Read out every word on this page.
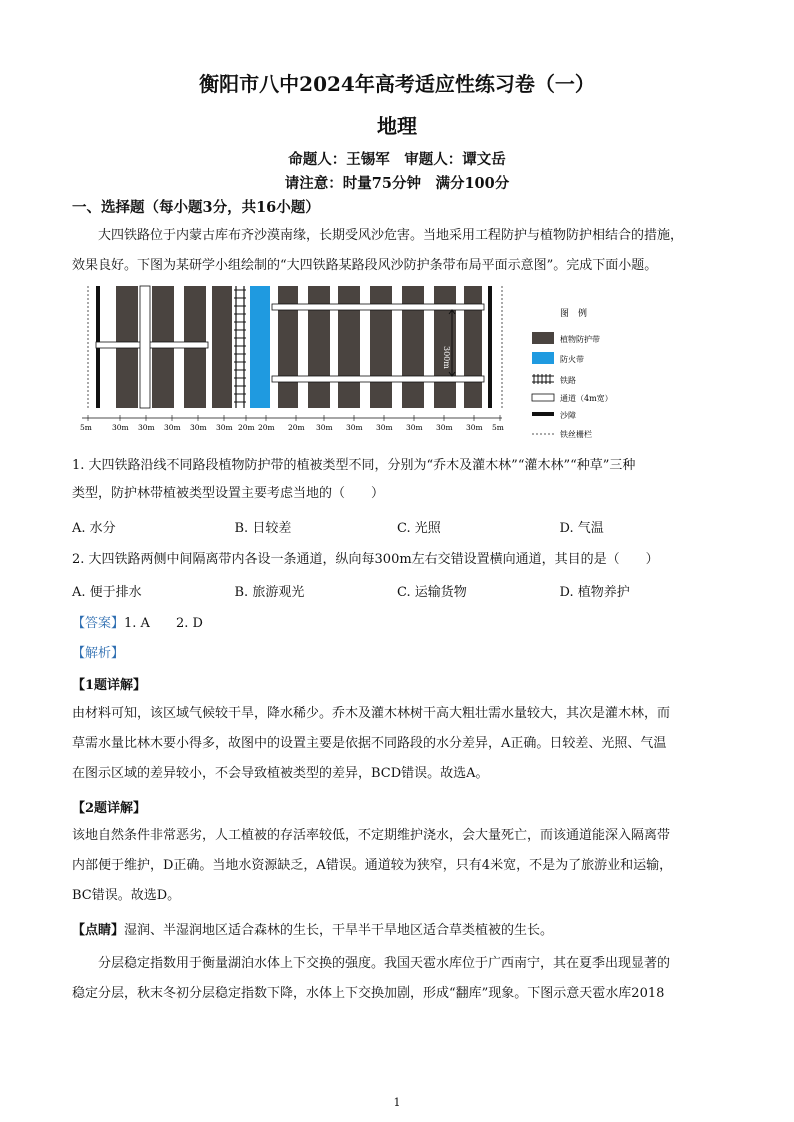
衡阳市八中2024年高考适应性练习卷（一）
地理
命题人：王锡军　审题人：谭文岳
请注意：时量75分钟　满分100分
一、选择题（每小题3分，共16小题）
大四铁路位于内蒙古库布齐沙漠南缘，长期受风沙危害。当地采用工程防护与植物防护相结合的措施，
效果良好。下图为某研学小组绘制的“大四铁路某路段风沙防护条带布局平面示意图”。完成下面小题。
300m
5m	30m 30m 30m 30m 30m 20m 20m 20m 30m 30m 30m 30m 30m 30m 5m
图　例
植物防护带
防火带
铁路
通道（4m宽）
沙障
铁丝栅栏
1. 大四铁路沿线不同路段植物防护带的植被类型不同，分别为“乔木及灌木林”“灌木林”“种草”三种
类型，防护林带植被类型设置主要考虑当地的（　　）
A. 水分	B. 日较差	C. 光照	D. 气温
2. 大四铁路两侧中间隔离带内各设一条通道，纵向每300m左右交错设置横向通道，其目的是（　　）
A. 便于排水	B. 旅游观光	C. 运输货物	D. 植物养护
【答案】1. A　　2. D
【解析】
【1题详解】
由材料可知，该区域气候较干旱，降水稀少。乔木及灌木林树干高大粗壮需水量较大，其次是灌木林，而
草需水量比林木要小得多，故图中的设置主要是依据不同路段的水分差异，A正确。日较差、光照、气温
在图示区域的差异较小，不会导致植被类型的差异，BCD错误。故选A。
【2题详解】
该地自然条件非常恶劣，人工植被的存活率较低，不定期维护浇水，会大量死亡，而该通道能深入隔离带
内部便于维护，D正确。当地水资源缺乏，A错误。通道较为狭窄，只有4米宽，不是为了旅游业和运输，
BC错误。故选D。
【点睛】湿润、半湿润地区适合森林的生长，干旱半干旱地区适合草类植被的生长。
分层稳定指数用于衡量湖泊水体上下交换的强度。我国天雹水库位于广西南宁，其在夏季出现显著的
稳定分层，秋末冬初分层稳定指数下降，水体上下交换加剧，形成“翻库”现象。下图示意天雹水库2018
1
